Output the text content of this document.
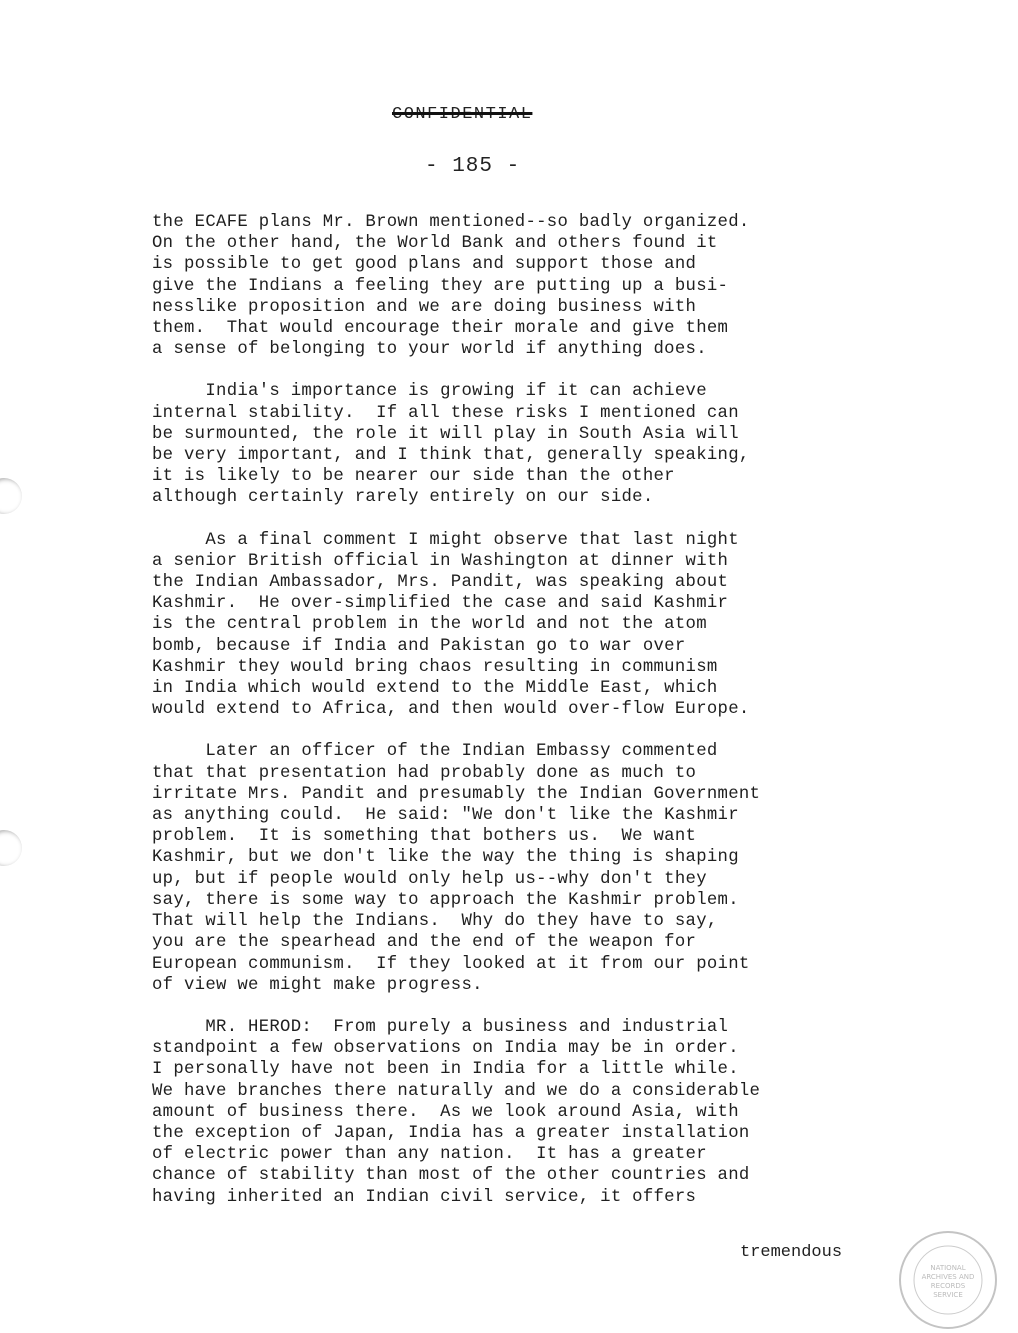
CONFIDENTIAL
- 185 -
the ECAFE plans Mr. Brown mentioned--so badly organized.
On the other hand, the World Bank and others found it
is possible to get good plans and support those and
give the Indians a feeling they are putting up a busi-
nesslike proposition and we are doing business with
them.  That would encourage their morale and give them
a sense of belonging to your world if anything does.
India's importance is growing if it can achieve
internal stability.  If all these risks I mentioned can
be surmounted, the role it will play in South Asia will
be very important, and I think that, generally speaking,
it is likely to be nearer our side than the other
although certainly rarely entirely on our side.
As a final comment I might observe that last night
a senior British official in Washington at dinner with
the Indian Ambassador, Mrs. Pandit, was speaking about
Kashmir.  He over-simplified the case and said Kashmir
is the central problem in the world and not the atom
bomb, because if India and Pakistan go to war over
Kashmir they would bring chaos resulting in communism
in India which would extend to the Middle East, which
would extend to Africa, and then would over-flow Europe.
Later an officer of the Indian Embassy commented
that that presentation had probably done as much to
irritate Mrs. Pandit and presumably the Indian Government
as anything could.  He said: "We don't like the Kashmir
problem.  It is something that bothers us.  We want
Kashmir, but we don't like the way the thing is shaping
up, but if people would only help us--why don't they
say, there is some way to approach the Kashmir problem.
That will help the Indians.  Why do they have to say,
you are the spearhead and the end of the weapon for
European communism.  If they looked at it from our point
of view we might make progress.
MR. HEROD:  From purely a business and industrial
standpoint a few observations on India may be in order.
I personally have not been in India for a little while.
We have branches there naturally and we do a considerable
amount of business there.  As we look around Asia, with
the exception of Japan, India has a greater installation
of electric power than any nation.  It has a greater
chance of stability than most of the other countries and
having inherited an Indian civil service, it offers
tremendous
NATIONAL
ARCHIVES AND
RECORDS
SERVICE
